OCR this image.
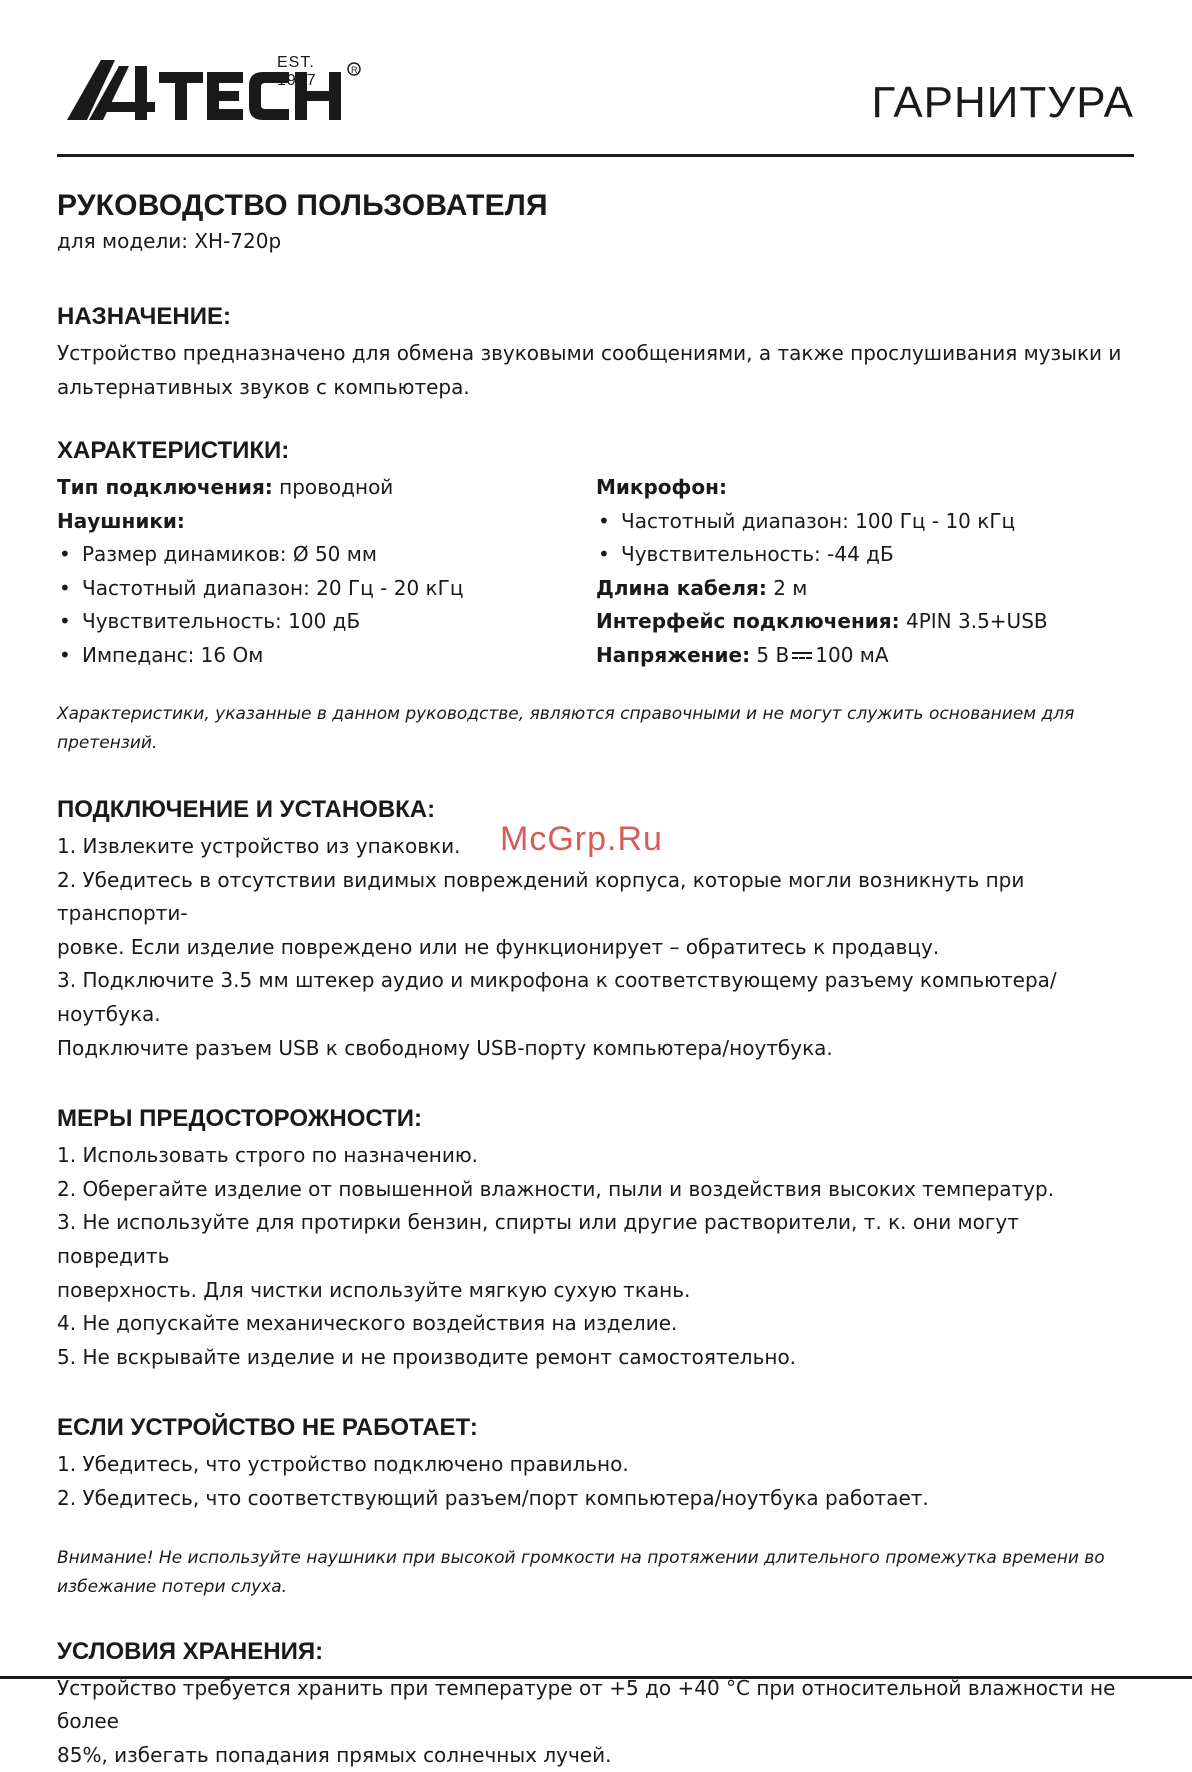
R
EST. 1987	ГАРНИТУРА
РУКОВОДСТВО ПОЛЬЗОВАТЕЛЯ
для модели: XH-720p
НАЗНАЧЕНИЕ:

Устройство предназначено для обмена звуковыми сообщениями, а также прослушивания музыки и

альтернативных звуков с компьютера.

ХАРАКТЕРИСТИКИ:
Тип подключения: проводной
Наушники:
• Размер динамиков: Ø 50 мм
• Частотный диапазон: 20 Гц - 20 кГц
• Чувствительность: 100 дБ
• Импеданс: 16 Ом
Микрофон:
• Частотный диапазон: 100 Гц - 10 кГц
• Чувствительность: -44 дБ
Длина кабеля: 2 м
Интерфейс подключения: 4PIN 3.5+USB
Напряжение: 5 В 100 мА
Характеристики, указанные в данном руководстве, являются справочными и не могут служить основанием для
претензий.
ПОДКЛЮЧЕНИЕ И УСТАНОВКА:
1. Извлеките устройство из упаковки.
2. Убедитесь в отсутствии видимых повреждений корпуса, которые могли возникнуть при транспорти-
ровке. Если изделие повреждено или не функционирует – обратитесь к продавцу.
3. Подключите 3.5 мм штекер аудио и микрофона к соответствующему разъему компьютера/ноутбука.
Подключите разъем USB к свободному USB-порту компьютера/ноутбука.
МЕРЫ ПРЕДОСТОРОЖНОСТИ:
1. Использовать строго по назначению.
2. Оберегайте изделие от повышенной влажности, пыли и воздействия высоких температур.
3. Не используйте для протирки бензин, спирты или другие растворители, т. к. они могут повредить
поверхность. Для чистки используйте мягкую сухую ткань.
4. Не допускайте механического воздействия на изделие.
5. Не вскрывайте изделие и не производите ремонт самостоятельно.
ЕСЛИ УСТРОЙСТВО НЕ РАБОТАЕТ:
1. Убедитесь, что устройство подключено правильно.
2. Убедитесь, что соответствующий разъем/порт компьютера/ноутбука работает.
Внимание! Не используйте наушники при высокой громкости на протяжении длительного промежутка времени во
избежание потери слуха.
УСЛОВИЯ ХРАНЕНИЯ:

Устройство требуется хранить при температуре от +5 до +40 °С при относительной влажности не более

85%, избегать попадания прямых солнечных лучей.

McGrp.Ru
